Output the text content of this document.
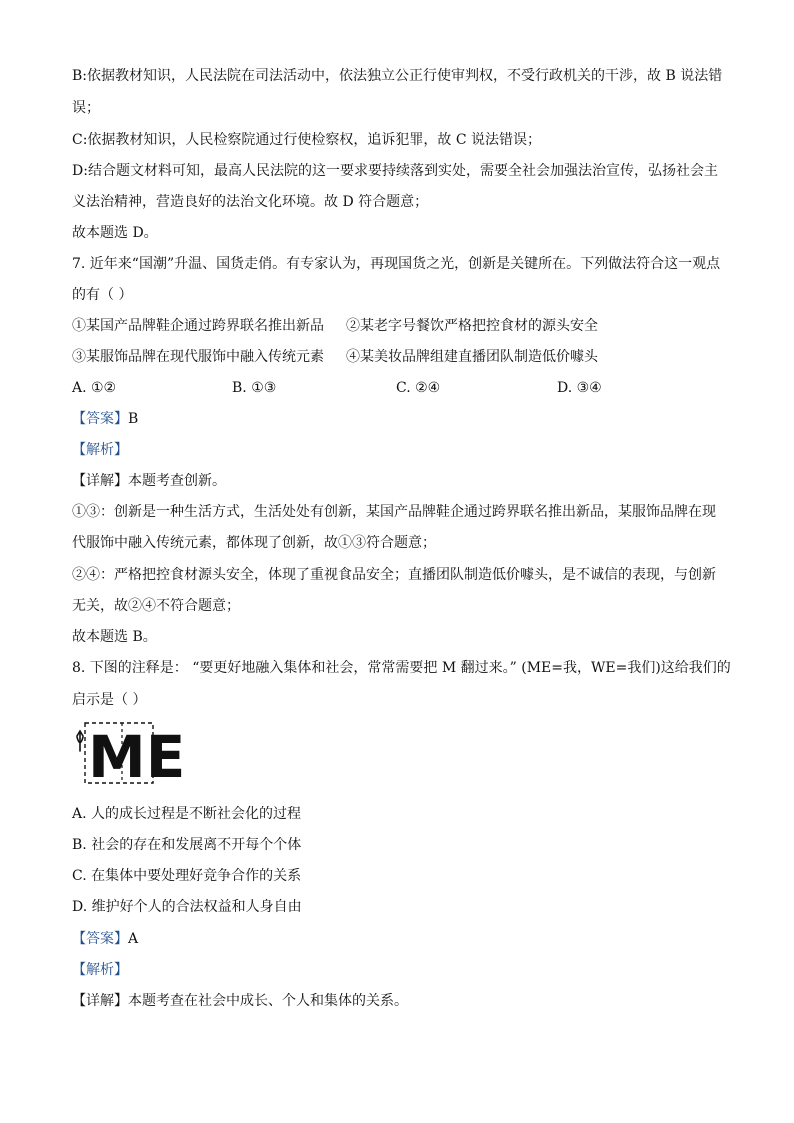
B:依据教材知识，人民法院在司法活动中，依法独立公正行使审判权，不受行政机关的干涉，故 B 说法错
误；
C:依据教材知识，人民检察院通过行使检察权，追诉犯罪，故 C 说法错误；
D:结合题文材料可知，最高人民法院的这一要求要持续落到实处，需要全社会加强法治宣传，弘扬社会主
义法治精神，营造良好的法治文化环境。故 D 符合题意；
故本题选 D。
7. 近年来“国潮”升温、国货走俏。有专家认为，再现国货之光，创新是关键所在。下列做法符合这一观点
的有（ ）
①某国产品牌鞋企通过跨界联名推出新品 ②某老字号餐饮严格把控食材的源头安全
③某服饰品牌在现代服饰中融入传统元素 ④某美妆品牌组建直播团队制造低价噱头
A. ①②	B. ①③	C. ②④	D. ③④
【答案】B
【解析】
【详解】本题考查创新。
①③：创新是一种生活方式，生活处处有创新，某国产品牌鞋企通过跨界联名推出新品，某服饰品牌在现
代服饰中融入传统元素，都体现了创新，故①③符合题意；
②④：严格把控食材源头安全，体现了重视食品安全；直播团队制造低价噱头，是不诚信的表现，与创新
无关，故②④不符合题意；
故本题选 B。
8. 下图的注释是： “要更好地融入集体和社会，常常需要把 M 翻过来。” (ME=我，WE=我们)这给我们的
启示是（ ）
ME
A. 人的成长过程是不断社会化的过程
B. 社会的存在和发展离不开每个个体
C. 在集体中要处理好竞争合作的关系
D. 维护好个人的合法权益和人身自由
【答案】A
【解析】
【详解】本题考查在社会中成长、个人和集体的关系。
